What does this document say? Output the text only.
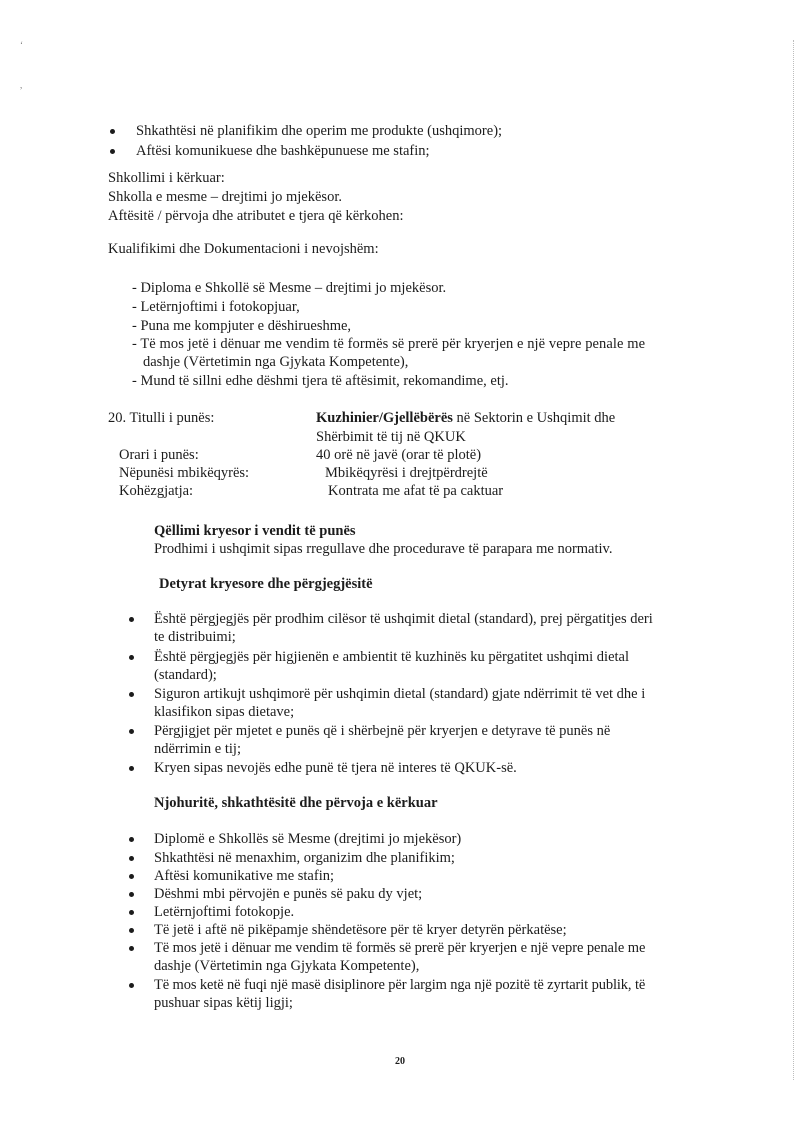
‘
,
Shkathtësi në planifikim dhe operim me produkte (ushqimore);
Aftësi komunikuese dhe bashkëpunuese me stafin;
Shkollimi i kërkuar:
Shkolla e mesme – drejtimi jo mjekësor.
Aftësitë / përvoja dhe atributet e tjera që kërkohen:
Kualifikimi dhe Dokumentacioni i nevojshëm:
- Diploma e Shkollë së Mesme – drejtimi jo mjekësor.
- Letërnjoftimi i fotokopjuar,
- Puna me kompjuter e dëshirueshme,
- Të mos jetë i dënuar me vendim të formës së prerë për kryerjen e një vepre penale me
dashje (Vërtetimin nga Gjykata Kompetente),
- Mund të sillni edhe dëshmi tjera të aftësimit, rekomandime, etj.
20. Titulli i punës:	Kuzhinier/Gjellëbërës në Sektorin e Ushqimit dhe
Shërbimit të tij në QKUK
Orari i punës:	40 orë në javë (orar të plotë)
Nëpunësi mbikëqyrës:	Mbikëqyrësi i drejtpërdrejtë
Kohëzgjatja:	Kontrata me afat të pa caktuar
Qëllimi kryesor i vendit të punës
Prodhimi i ushqimit sipas rregullave dhe procedurave të parapara me normativ.
Detyrat kryesore dhe përgjegjësitë
Është përgjegjës për prodhim cilësor të ushqimit dietal (standard), prej përgatitjes deri
te distribuimi;
Është përgjegjës për higjienën e ambientit të kuzhinës ku përgatitet ushqimi dietal
(standard);
Siguron artikujt ushqimorë për ushqimin dietal (standard) gjate ndërrimit të vet dhe i
klasifikon sipas dietave;
Përgjigjet për mjetet e punës që i shërbejnë për kryerjen e detyrave të punës në
ndërrimin e tij;
Kryen sipas nevojës edhe punë të tjera në interes të QKUK-së.
Njohuritë, shkathtësitë dhe përvoja e kërkuar
Diplomë e Shkollës së Mesme (drejtimi jo mjekësor)
Shkathtësi në menaxhim, organizim dhe planifikim;
Aftësi komunikative me stafin;
Dëshmi mbi përvojën e punës së paku dy vjet;
Letërnjoftimi fotokopje.
Të jetë i aftë në pikëpamje shëndetësore për të kryer detyrën përkatëse;
Të mos jetë i dënuar me vendim të formës së prerë për kryerjen e një vepre penale me
dashje (Vërtetimin nga Gjykata Kompetente),
Të mos ketë në fuqi një masë disiplinore për largim nga një pozitë të zyrtarit publik, të
pushuar sipas këtij ligji;
20
